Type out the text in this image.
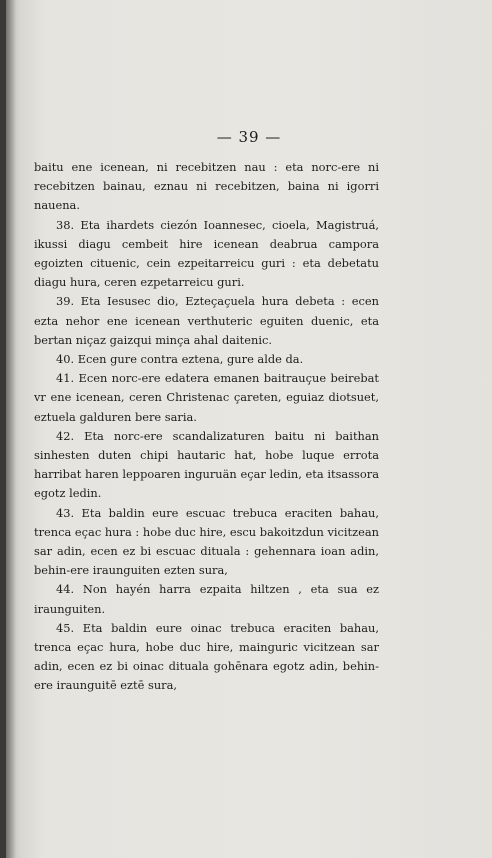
— 39 —

baitu ene icenean, ni recebitzen nau : eta norc-ere ni recebitzen bainau, eznau ni recebitzen, baina ni igorri nauena.

38. Eta ihardets ciezón Ioannesec, cioela, Magistruá, ikussi diagu cembeit hire icenean deabrua campora egoizten cituenic, cein ezpeitarreicu guri : eta debetatu diagu hura, ceren ezpetarreicu guri.

39. Eta Iesusec dio, Ezteçaçuela hura debeta : ecen ezta nehor ene icenean verthuteric eguiten duenic, eta bertan niçaz gaizqui minça ahal daitenic.

40. Ecen gure contra eztena, gure alde da.

41. Ecen norc-ere edatera emanen baitrauçue beirebat vr ene icenean, ceren Christenac çareten, eguiaz diotsuet, eztuela galduren bere saria.

42. Eta norc-ere scandalizaturen baitu ni baithan sinhesten duten chipi hautaric hat, hobe luque errota harribat haren leppoaren inguruän eçar ledin, eta itsassora egotz ledin.

43. Eta baldin eure escuac trebuca eraciten bahau, trenca eçac hura : hobe duc hire, escu bakoitzdun vicitzean sar adin, ecen ez bi escuac dituala : gehennara ioan adin, behin-ere iraunguiten ezten sura,

44. Non hayén harra ezpaita hiltzen , eta sua ez iraunguiten.

45. Eta baldin eure oinac trebuca eraciten bahau, trenca eçac hura, hobe duc hire, mainguric vicitzean sar adin, ecen ez bi oinac dituala gohēnara egotz adin, behin-ere iraunguitē eztē sura,
